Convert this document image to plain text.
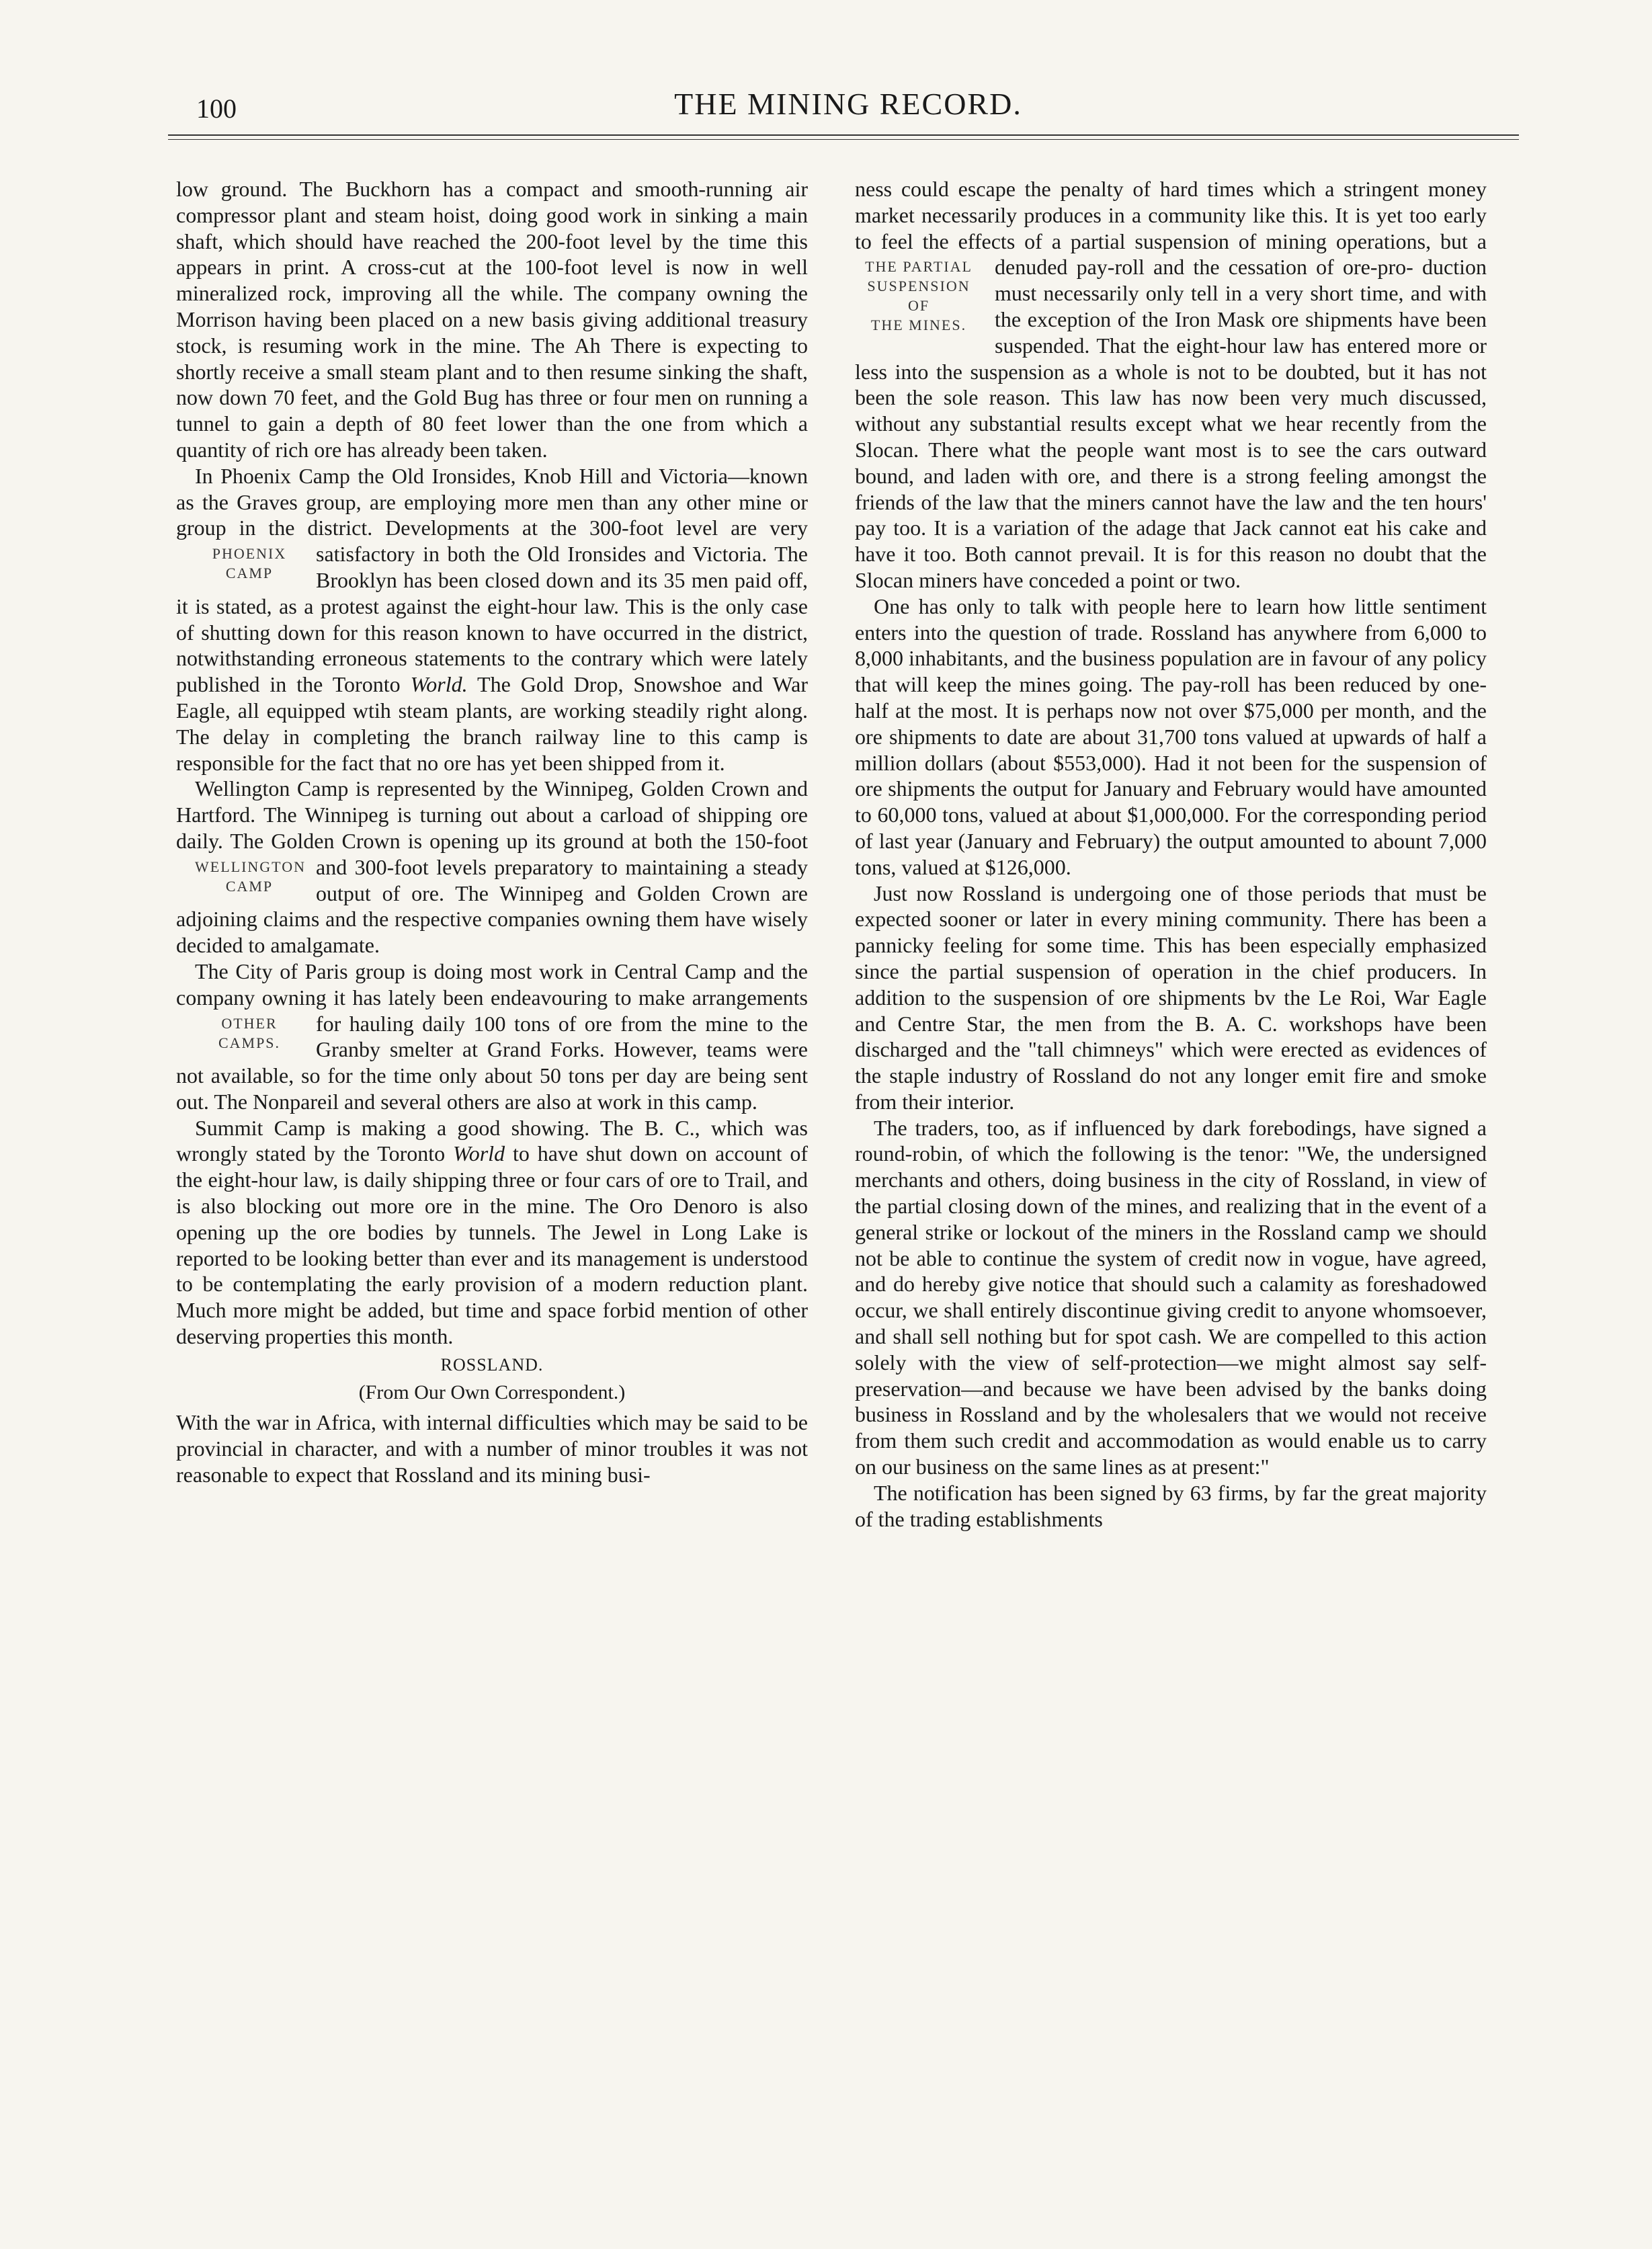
100	THE MINING RECORD.

low ground. The Buckhorn has a compact and smooth-running air compressor plant and steam hoist, doing good work in sinking a main shaft, which should have reached the 200-foot level by the time this appears in print. A cross-cut at the 100-foot level is now in well mineralized rock, improving all the while. The company owning the Morrison having been placed on a new basis giving additional treasury stock, is resuming work in the mine. The Ah There is expecting to shortly receive a small steam plant and to then resume sinking the shaft, now down 70 feet, and the Gold Bug has three or four men on running a tunnel to gain a depth of 80 feet lower than the one from which a quantity of rich ore has already been taken.

In Phoenix Camp the Old Ironsides, Knob Hill and Victoria—known as the Graves group, are employing more men than any other mine or group in the district. Developments at the 300-foot level are very
PHOENIX
CAMP
satisfactory in both the Old Ironsides and Victoria. The Brooklyn has been closed down and its 35 men paid off, it is stated, as a protest against the eight-hour law. This is the only case of shutting down for this reason known to have occurred in the district, notwithstanding erroneous statements to the contrary which were lately published in the Toronto World. The Gold Drop, Snowshoe and War Eagle, all equipped wtih steam plants, are working steadily right along. The delay in completing the branch railway line to this camp is responsible for the fact that no ore has yet been shipped from it.

Wellington Camp is represented by the Winnipeg, Golden Crown and Hartford. The Winnipeg is turning out about a carload of shipping ore daily. The Golden Crown is opening up its ground at both the
WELLINGTON
CAMP
150-foot and 300-foot levels preparatory to maintaining a steady output of ore. The Winnipeg and Golden Crown are adjoining claims and the respective companies owning them have wisely decided to amalgamate.

The City of Paris group is doing most work in Central Camp and the company owning it has lately been endeavouring to make arrangements for hauling
OTHER
CAMPS.
daily 100 tons of ore from the mine to the Granby smelter at Grand Forks. However, teams were not available, so for the time only about 50 tons per day are being sent out. The Nonpareil and several others are also at work in this camp.

Summit Camp is making a good showing. The B. C., which was wrongly stated by the Toronto World to have shut down on account of the eight-hour law, is daily shipping three or four cars of ore to Trail, and is also blocking out more ore in the mine. The Oro Denoro is also opening up the ore bodies by tunnels. The Jewel in Long Lake is reported to be looking better than ever and its management is understood to be contemplating the early provision of a modern reduction plant. Much more might be added, but time and space forbid mention of other deserving properties this month.

ROSSLAND.
(From Our Own Correspondent.)

With the war in Africa, with internal difficulties which may be said to be provincial in character, and with a number of minor troubles it was not reasonable to expect that Rossland and its mining busi-

ness could escape the penalty of hard times which a stringent money market necessarily produces in a community like this. It is yet too early to feel the effects of a partial suspension of mining operations, but a denuded pay-roll and the cessation of ore-pro-
THE PARTIAL
SUSPENSION OF
THE MINES.
duction must necessarily only tell in a very short time, and with the exception of the Iron Mask ore shipments have been suspended. That the eight-hour law has entered more or less into the suspension as a whole is not to be doubted, but it has not been the sole reason. This law has now been very much discussed, without any substantial results except what we hear recently from the Slocan. There what the people want most is to see the cars outward bound, and laden with ore, and there is a strong feeling amongst the friends of the law that the miners cannot have the law and the ten hours' pay too. It is a variation of the adage that Jack cannot eat his cake and have it too. Both cannot prevail. It is for this reason no doubt that the Slocan miners have conceded a point or two.

One has only to talk with people here to learn how little sentiment enters into the question of trade. Rossland has anywhere from 6,000 to 8,000 inhabitants, and the business population are in favour of any policy that will keep the mines going. The pay-roll has been reduced by one-half at the most. It is perhaps now not over $75,000 per month, and the ore shipments to date are about 31,700 tons valued at upwards of half a million dollars (about $553,000). Had it not been for the suspension of ore shipments the output for January and February would have amounted to 60,000 tons, valued at about $1,000,000. For the corresponding period of last year (January and February) the output amounted to abount 7,000 tons, valued at $126,000.

Just now Rossland is undergoing one of those periods that must be expected sooner or later in every mining community. There has been a pannicky feeling for some time. This has been especially emphasized since the partial suspension of operation in the chief producers. In addition to the suspension of ore shipments bv the Le Roi, War Eagle and Centre Star, the men from the B. A. C. workshops have been discharged and the "tall chimneys" which were erected as evidences of the staple industry of Rossland do not any longer emit fire and smoke from their interior.

The traders, too, as if influenced by dark forebodings, have signed a round-robin, of which the following is the tenor: "We, the undersigned merchants and others, doing business in the city of Rossland, in view of the partial closing down of the mines, and realizing that in the event of a general strike or lockout of the miners in the Rossland camp we should not be able to continue the system of credit now in vogue, have agreed, and do hereby give notice that should such a calamity as foreshadowed occur, we shall entirely discontinue giving credit to anyone whomsoever, and shall sell nothing but for spot cash. We are compelled to this action solely with the view of self-protection—we might almost say self-preservation—and because we have been advised by the banks doing business in Rossland and by the wholesalers that we would not receive from them such credit and accommodation as would enable us to carry on our business on the same lines as at present:"

The notification has been signed by 63 firms, by far the great majority of the trading establishments
